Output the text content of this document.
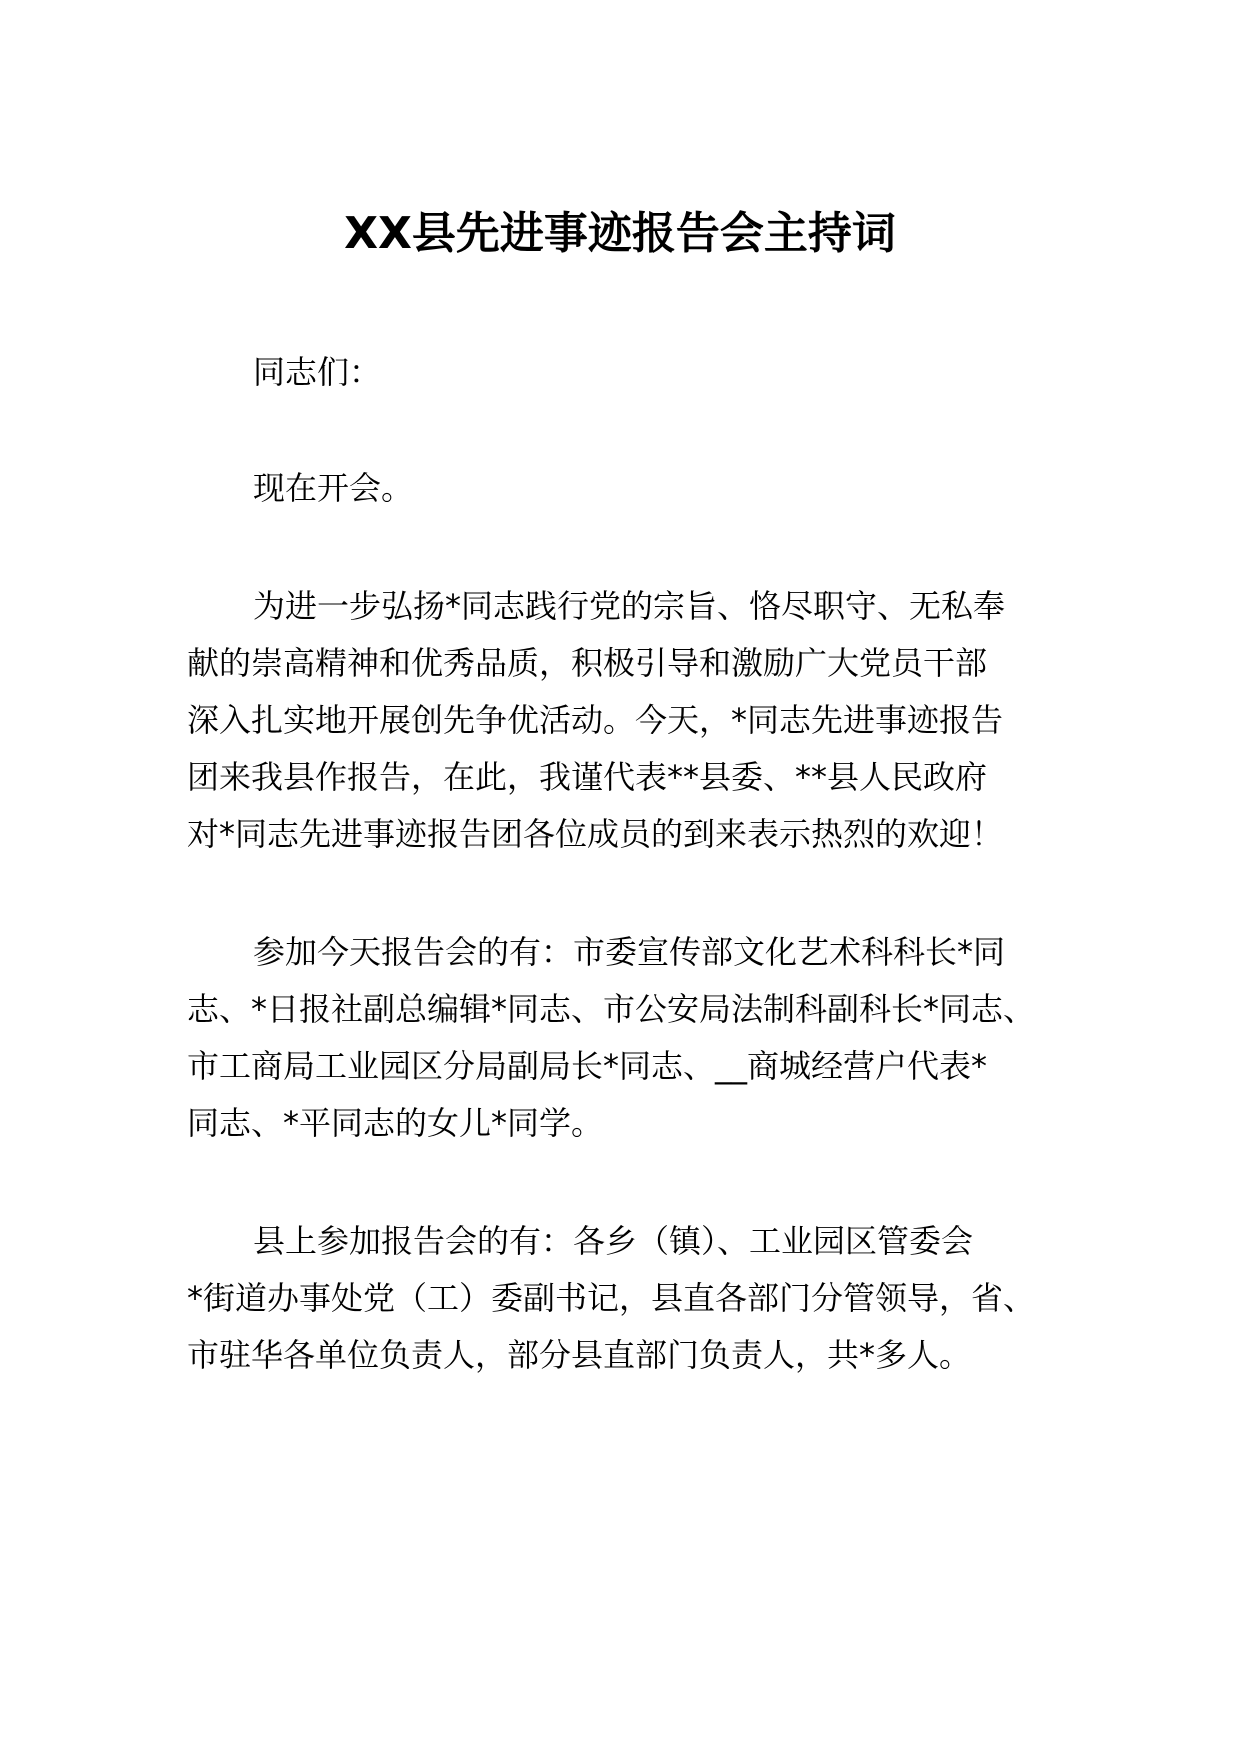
XX县先进事迹报告会主持词

同志们：

现在开会。

为进一步弘扬*同志践行党的宗旨、恪尽职守、无私奉

献的崇高精神和优秀品质，积极引导和激励广大党员干部

深入扎实地开展创先争优活动。今天，*同志先进事迹报告

团来我县作报告，在此，我谨代表**县委、**县人民政府

对*同志先进事迹报告团各位成员的到来表示热烈的欢迎！

参加今天报告会的有：市委宣传部文化艺术科科长*同

志、*日报社副总编辑*同志、市公安局法制科副科长*同志、

市工商局工业园区分局副局长*同志、__商城经营户代表*

同志、*平同志的女儿*同学。

县上参加报告会的有：各乡（镇）、工业园区管委会

*街道办事处党（工）委副书记，县直各部门分管领导，省、

市驻华各单位负责人，部分县直部门负责人，共*多人。
